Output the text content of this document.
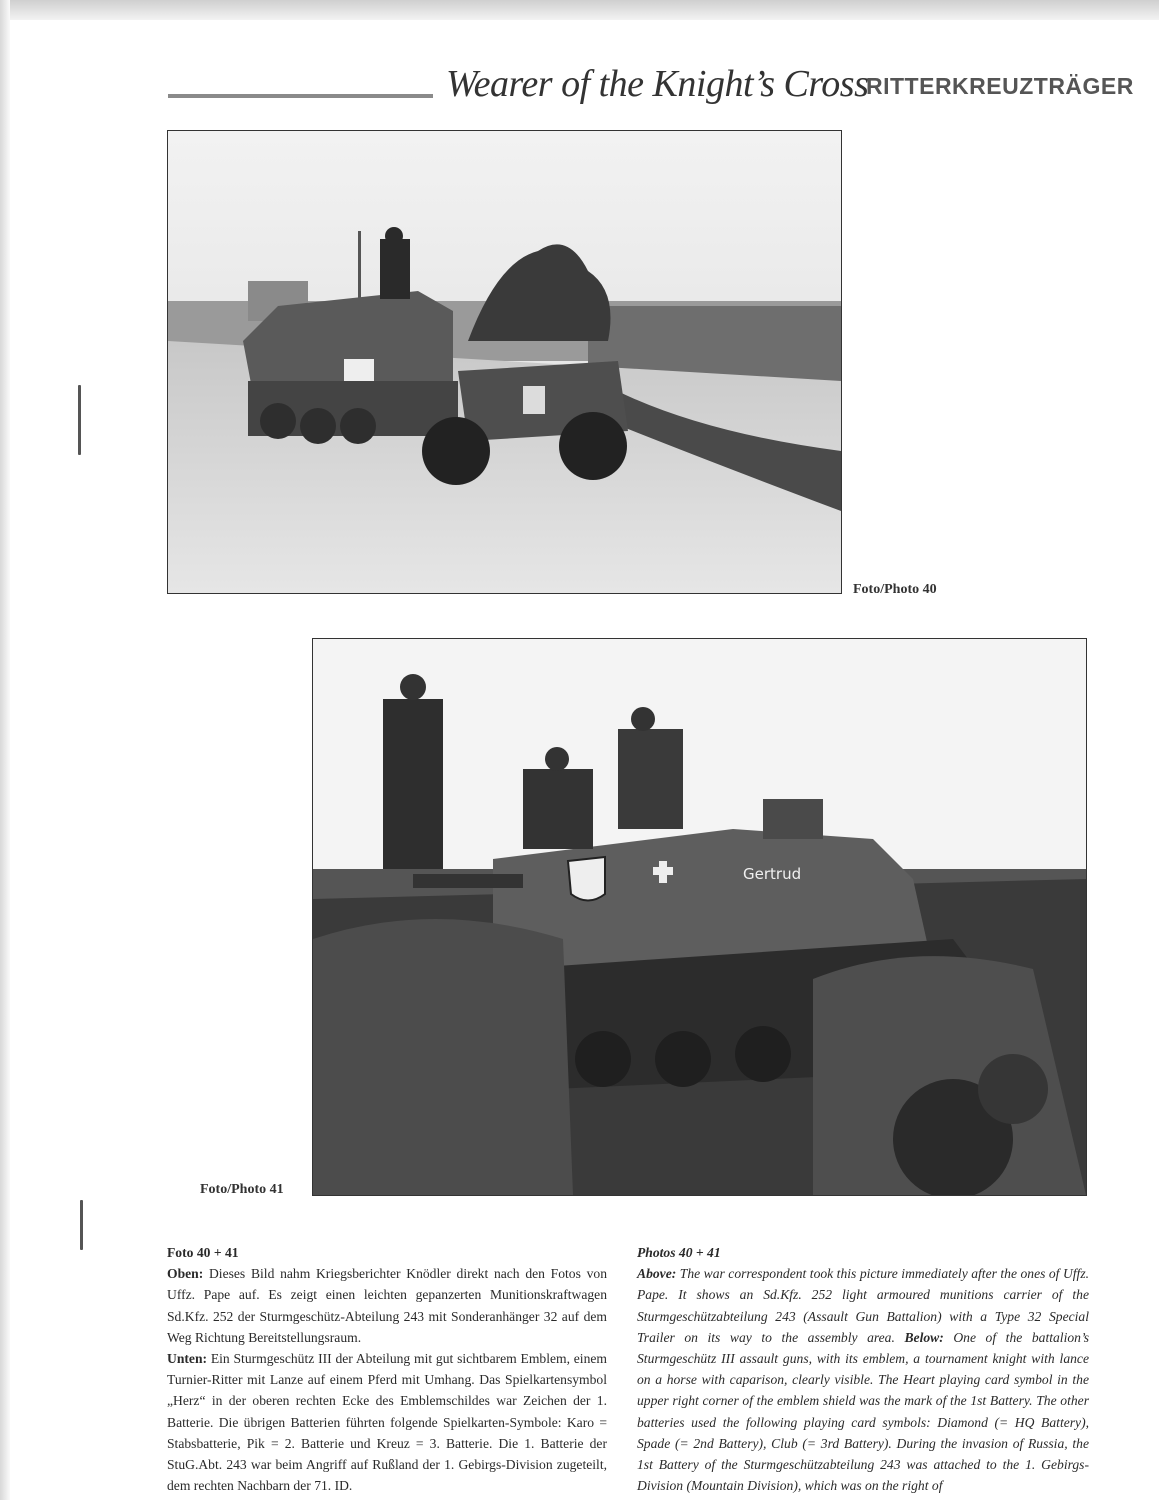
Wearer of the Knight’s Cross
RITTERKREUZTRÄGER
Foto/Photo 40
Gertrud
Foto/Photo 41

Foto 40 + 41

Oben: Dieses Bild nahm Kriegsberichter Knödler direkt nach den Fotos von Uffz. Pape auf. Es zeigt einen leichten gepanzerten Munitionskraftwagen Sd.Kfz. 252 der Sturmgeschütz-Abteilung 243 mit Sonderanhänger 32 auf dem Weg Richtung Bereitstellungsraum.

Unten: Ein Sturmgeschütz III der Abteilung mit gut sichtbarem Emblem, einem Turnier-Ritter mit Lanze auf einem Pferd mit Umhang. Das Spielkartensymbol „Herz“ in der oberen rechten Ecke des Emblemschildes war Zeichen der 1. Batterie. Die übrigen Batterien führten folgende Spielkarten-Symbole: Karo = Stabsbatterie, Pik = 2. Batterie und Kreuz = 3. Batterie. Die 1. Batterie der StuG.Abt. 243 war beim Angriff auf Rußland der 1. Gebirgs-Division zugeteilt, dem rechten Nachbarn der 71. ID.

Photos 40 + 41

Above: The war correspondent took this picture immediately after the ones of Uffz. Pape. It shows an Sd.Kfz. 252 light armoured munitions carrier of the Sturmgeschützabteilung 243 (Assault Gun Battalion) with a Type 32 Special Trailer on its way to the assembly area. Below: One of the battalion’s Sturmgeschütz III assault guns, with its emblem, a tournament knight with lance on a horse with caparison, clearly visible. The Heart playing card symbol in the upper right corner of the emblem shield was the mark of the 1st Battery. The other batteries used the following playing card symbols: Diamond (= HQ Battery), Spade (= 2nd Battery), Club (= 3rd Battery). During the invasion of Russia, the 1st Battery of the Sturmgeschützabteilung 243 was attached to the 1. Gebirgs-Division (Mountain Division), which was on the right of
